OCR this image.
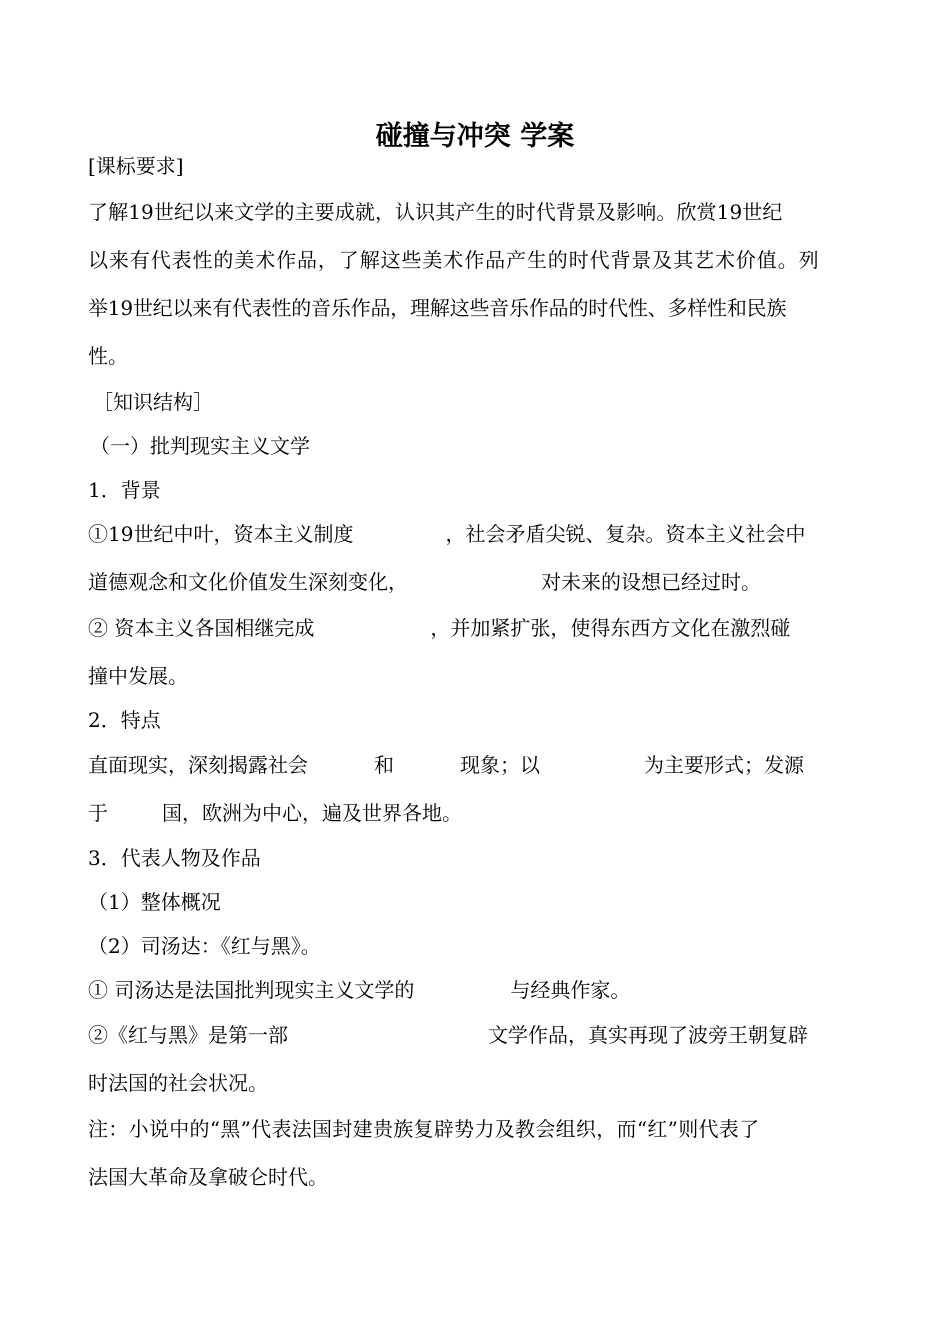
碰撞与冲突 学案
[课标要求]
了解19世纪以来文学的主要成就，认识其产生的时代背景及影响。欣赏19世纪
以来有代表性的美术作品，了解这些美术作品产生的时代背景及其艺术价值。列
举19世纪以来有代表性的音乐作品，理解这些音乐作品的时代性、多样性和民族
性。
［知识结构］
（一）批判现实主义文学
1．背景
①19世纪中叶，资本主义制度	，社会矛盾尖锐、复杂。资本主义社会中
道德观念和文化价值发生深刻变化，	对未来的设想已经过时。
② 资本主义各国相继完成	，并加紧扩张，使得东西方文化在激烈碰
撞中发展。
2．特点
直面现实，深刻揭露社会	和	现象；以	为主要形式；发源
于	国，欧洲为中心，遍及世界各地。
3．代表人物及作品
（1）整体概况
（2）司汤达：《红与黑》。
① 司汤达是法国批判现实主义文学的	与经典作家。
②《红与黑》是第一部	文学作品，真实再现了波旁王朝复辟
时法国的社会状况。
注：小说中的“黑”代表法国封建贵族复辟势力及教会组织，而“红”则代表了
法国大革命及拿破仑时代。
